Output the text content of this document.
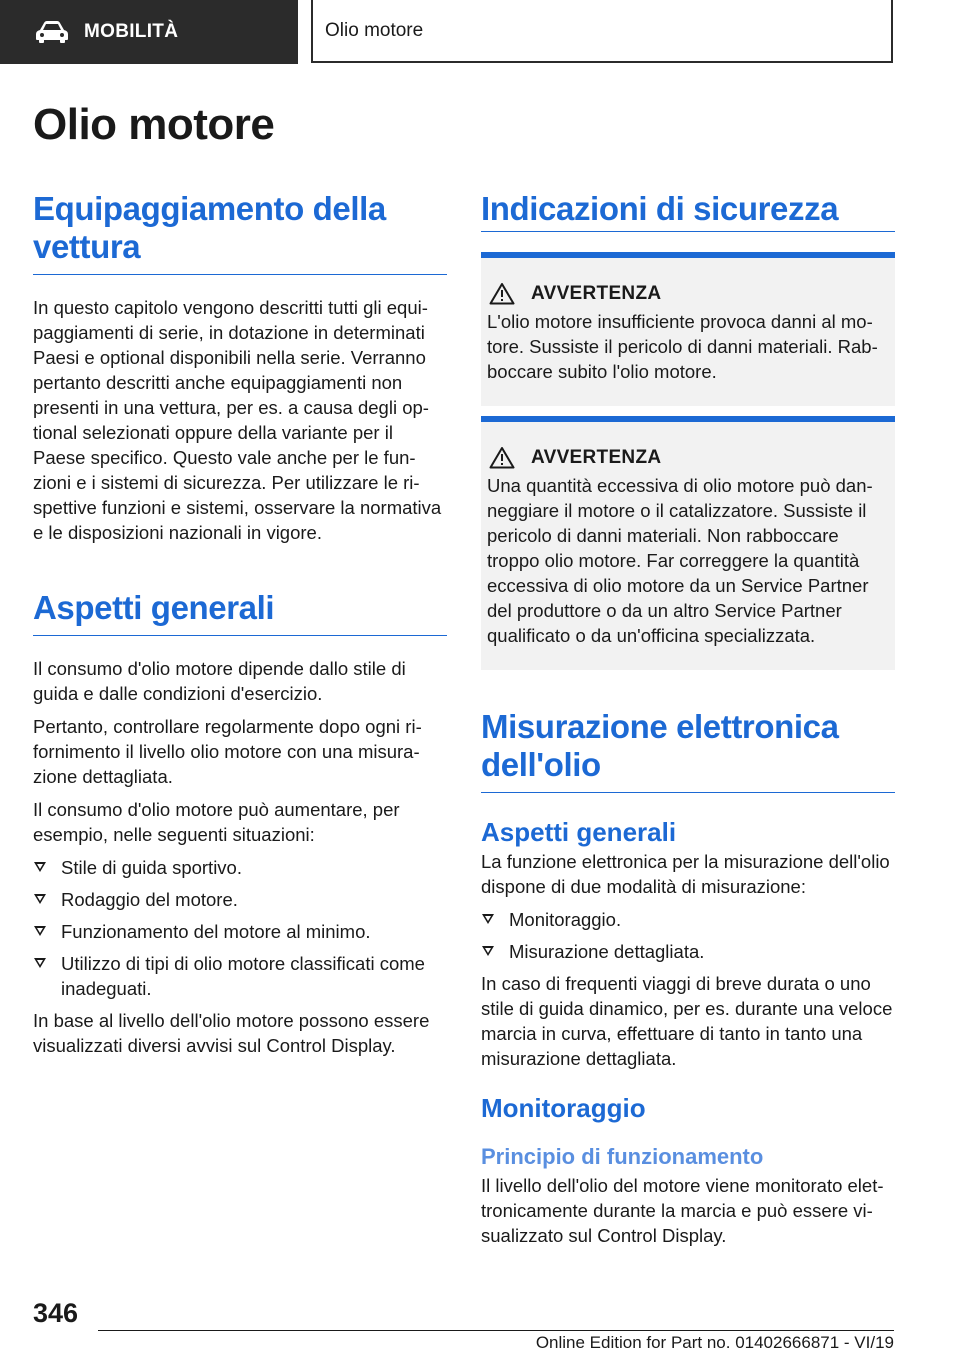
MOBILITÀ	Olio motore
Olio motore
Equipaggiamento della vettura

In questo capitolo vengono descritti tutti gli equipaggiamenti di serie, in dotazione in determinati Paesi e optional disponibili nella serie. Verranno pertanto descritti anche equipaggiamenti non presenti in una vettura, per es. a causa degli optional selezionati oppure della variante per il Paese specifico. Questo vale anche per le funzioni e i sistemi di sicurezza. Per utilizzare le rispettive funzioni e sistemi, osservare la normativa e le disposizioni nazionali in vigore.

Aspetti generali

Il consumo d'olio motore dipende dallo stile di guida e dalle condizioni d'esercizio.

Pertanto, controllare regolarmente dopo ogni rifornimento il livello olio motore con una misurazione dettagliata.

Il consumo d'olio motore può aumentare, per esempio, nelle seguenti situazioni:

Stile di guida sportivo.
Rodaggio del motore.
Funzionamento del motore al minimo.
Utilizzo di tipi di olio motore classificati come inadeguati.

In base al livello dell'olio motore possono essere visualizzati diversi avvisi sul Control Display.

Indicazioni di sicurezza
AVVERTENZA

L'olio motore insufficiente provoca danni al motore. Sussiste il pericolo di danni materiali. Rabboccare subito l'olio motore.

AVVERTENZA

Una quantità eccessiva di olio motore può danneggiare il motore o il catalizzatore. Sussiste il pericolo di danni materiali. Non rabboccare troppo olio motore. Far correggere la quantità eccessiva di olio motore da un Service Partner del produttore o da un altro Service Partner qualificato o da un'officina specializzata.

Misurazione elettronica dell'olio
Aspetti generali

La funzione elettronica per la misurazione dell'olio dispone di due modalità di misurazione:

Monitoraggio.
Misurazione dettagliata.

In caso di frequenti viaggi di breve durata o uno stile di guida dinamico, per es. durante una veloce marcia in curva, effettuare di tanto in tanto una misurazione dettagliata.

Monitoraggio
Principio di funzionamento

Il livello dell'olio del motore viene monitorato elettronicamente durante la marcia e può essere visualizzato sul Control Display.

346
Online Edition for Part no. 01402666871 - VI/19
